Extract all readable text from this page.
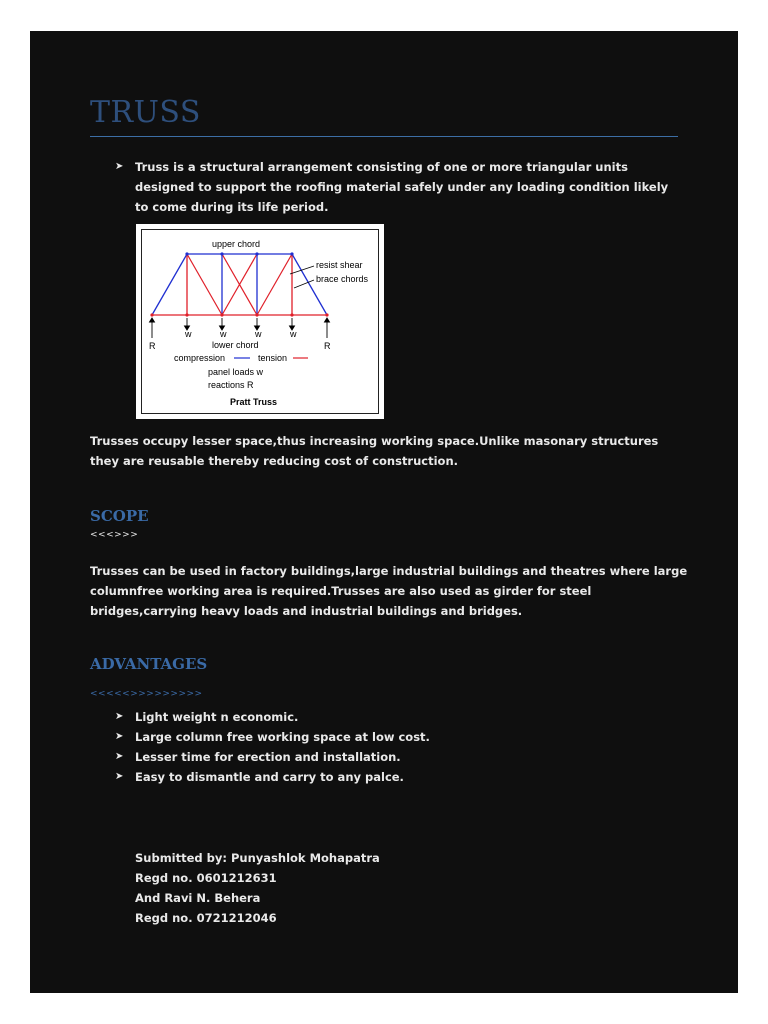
TRUSS
➤ Truss is a structural arrangement consisting of one or more triangular units designed to support the roofing material safely under any loading condition likely to come during its life period.
upper chord
resist shear
brace chords
w	w	w	w
R	R
lower chord
compression	tension
panel loads w
reactions R
Pratt Truss
Trusses occupy lesser space,thus increasing working space.Unlike masonary structures they are reusable thereby reducing cost of construction.
SCOPE
<<<>>>
Trusses can be used in factory buildings,large industrial buildings and theatres where large columnfree working area is required.Trusses are also used as girder for steel bridges,carrying heavy loads and industrial buildings and bridges.
ADVANTAGES
<<<<<>>>>>>>>>
➤ Light weight n economic.
➤ Large column free working space at low cost.
➤ Lesser time for erection and installation.
➤ Easy to dismantle and carry to any palce.
Submitted by: Punyashlok Mohapatra
Regd no. 0601212631
And Ravi N. Behera
Regd no. 0721212046
